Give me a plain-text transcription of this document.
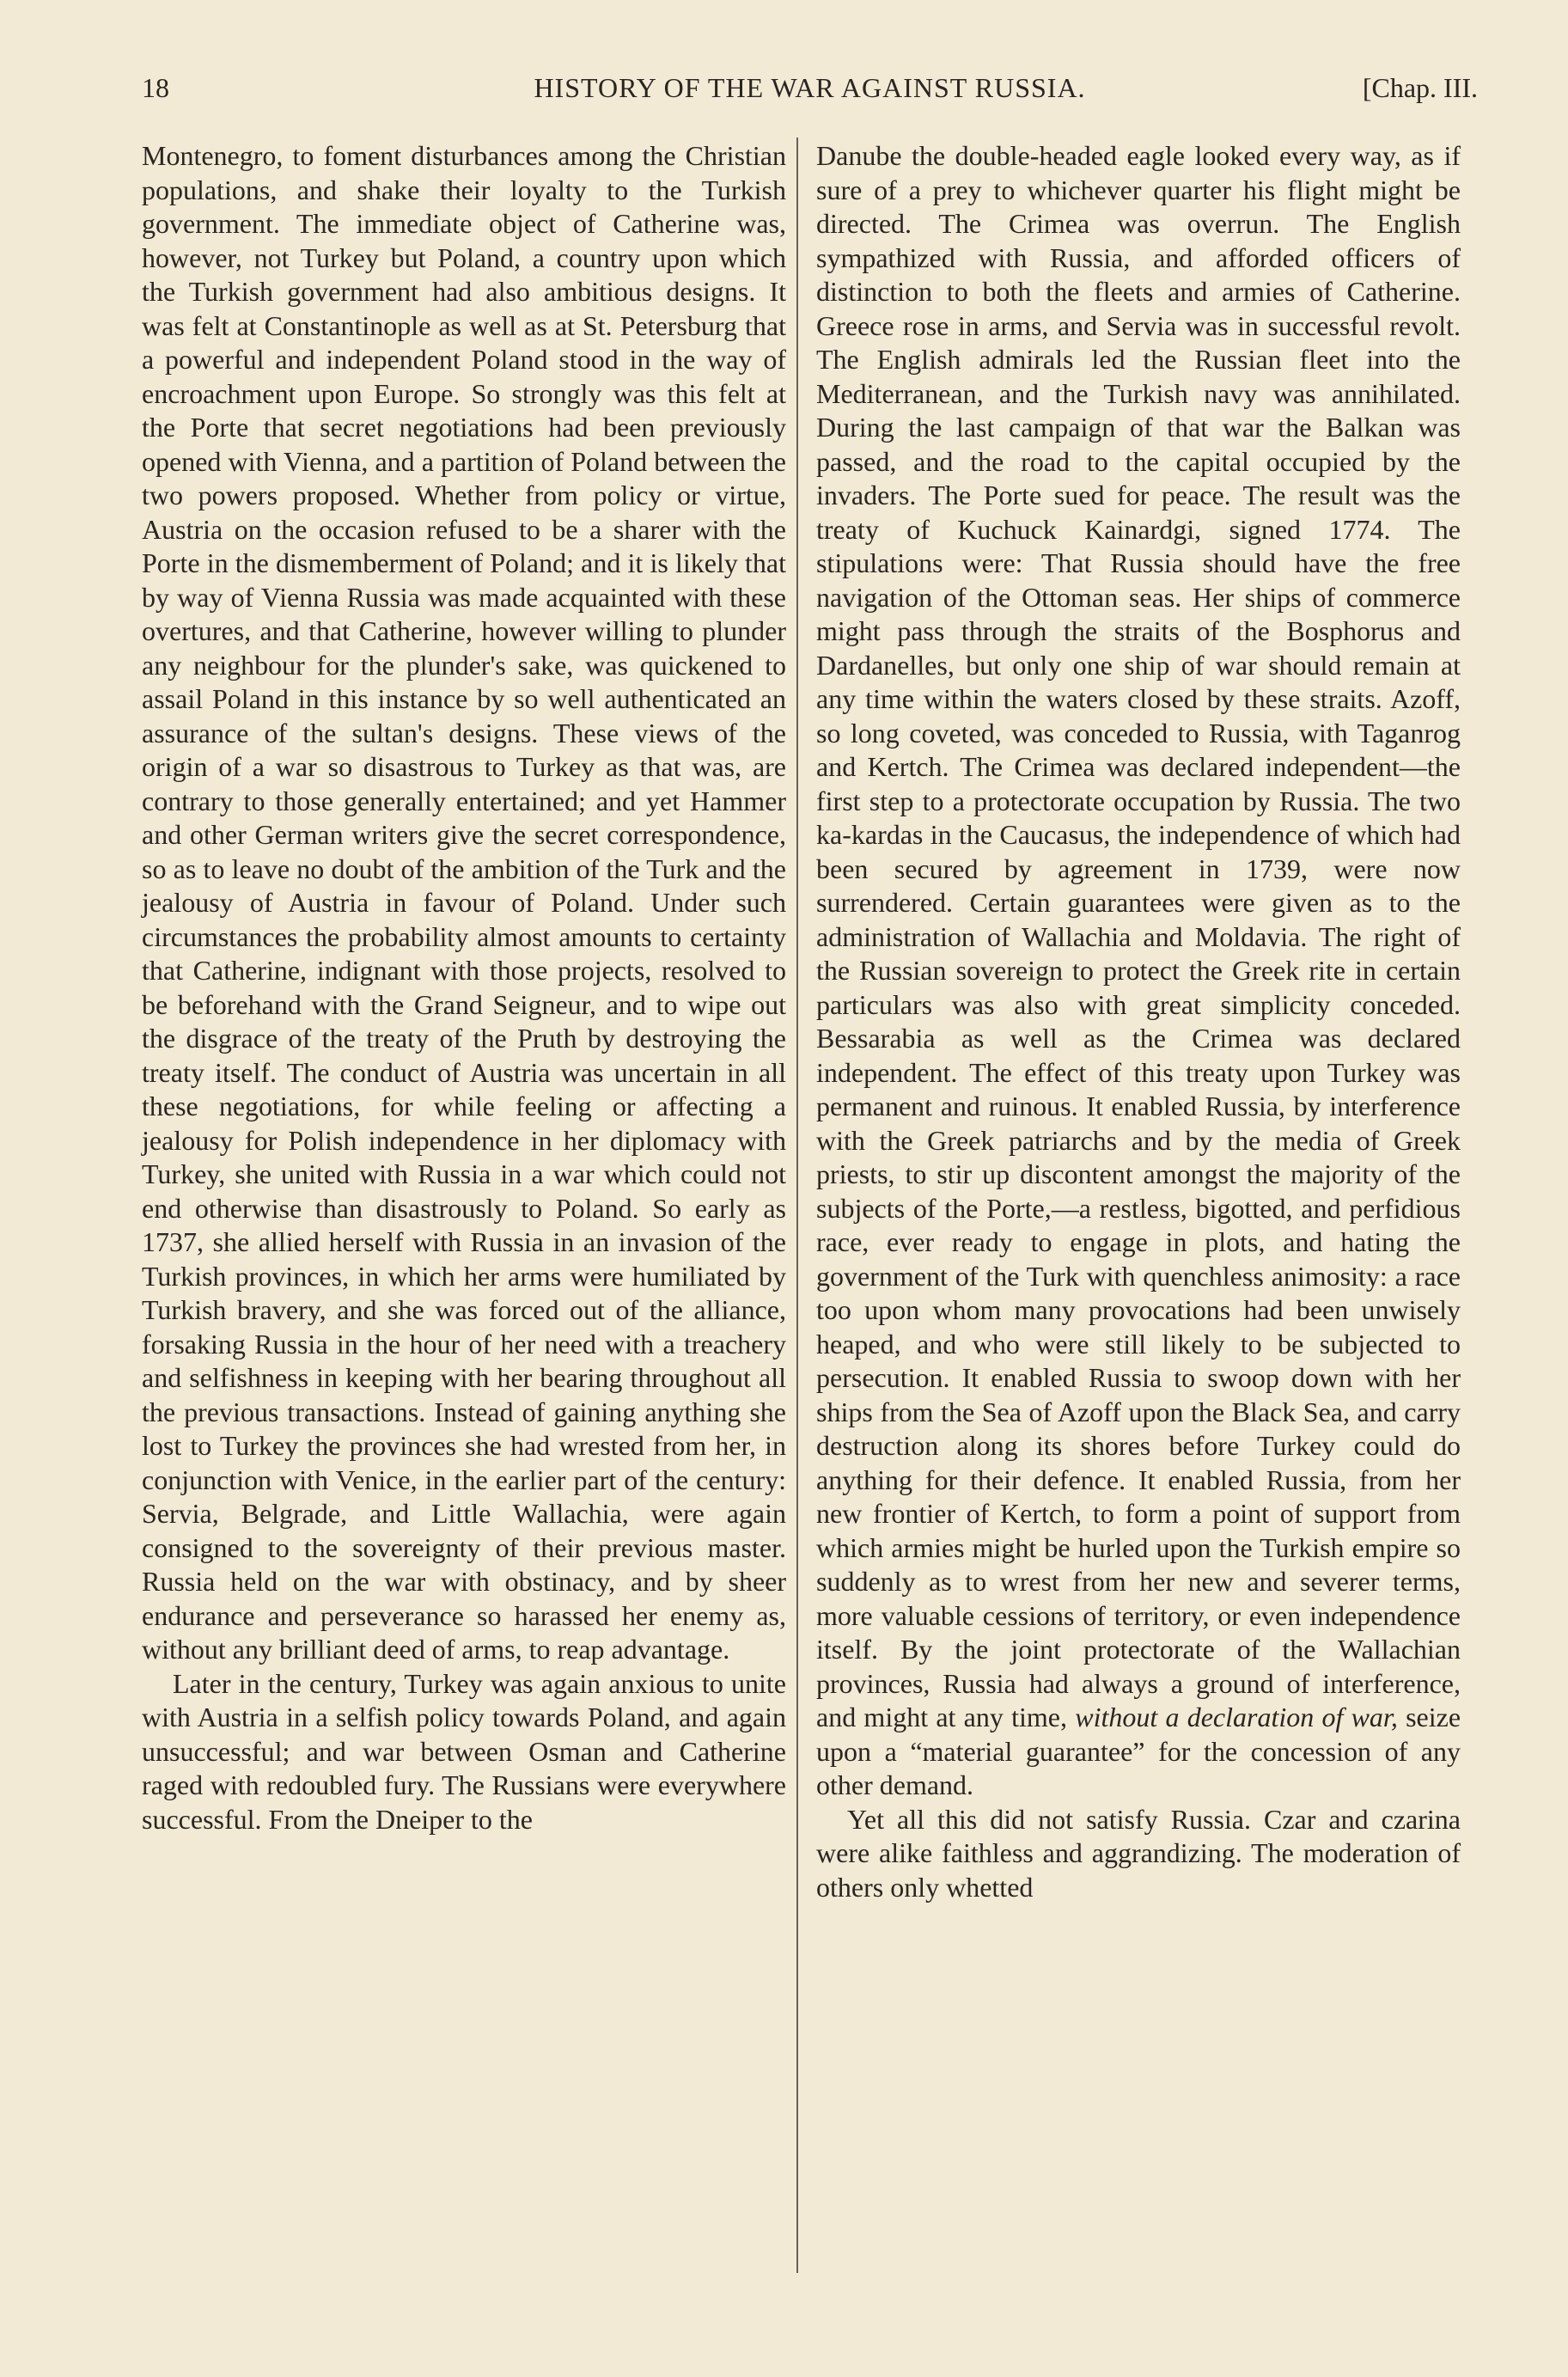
18	HISTORY OF THE WAR AGAINST RUSSIA.	[Chap. III.

Montenegro, to foment disturbances among the Christian populations, and shake their loyalty to the Turkish government. The immediate object of Catherine was, however, not Turkey but Poland, a country upon which the Turkish government had also ambitious designs. It was felt at Constantinople as well as at St. Petersburg that a powerful and independent Poland stood in the way of encroachment upon Europe. So strongly was this felt at the Porte that secret negotiations had been previously opened with Vienna, and a partition of Poland between the two powers proposed. Whether from policy or virtue, Austria on the occasion refused to be a sharer with the Porte in the dismemberment of Poland; and it is likely that by way of Vienna Russia was made acquainted with these overtures, and that Catherine, however willing to plunder any neighbour for the plunder's sake, was quickened to assail Poland in this instance by so well authenticated an assurance of the sultan's designs. These views of the origin of a war so disastrous to Turkey as that was, are contrary to those generally entertained; and yet Hammer and other German writers give the secret correspondence, so as to leave no doubt of the ambition of the Turk and the jealousy of Austria in favour of Poland. Under such circumstances the probability almost amounts to certainty that Catherine, indignant with those projects, resolved to be beforehand with the Grand Seigneur, and to wipe out the disgrace of the treaty of the Pruth by destroying the treaty itself. The conduct of Austria was uncertain in all these negotiations, for while feeling or affecting a jealousy for Polish independence in her diplomacy with Turkey, she united with Russia in a war which could not end otherwise than disastrously to Poland. So early as 1737, she allied herself with Russia in an invasion of the Turkish provinces, in which her arms were humiliated by Turkish bravery, and she was forced out of the alliance, forsaking Russia in the hour of her need with a treachery and selfishness in keeping with her bearing throughout all the previous transactions. Instead of gaining anything she lost to Turkey the provinces she had wrested from her, in conjunction with Venice, in the earlier part of the century: Servia, Belgrade, and Little Wallachia, were again consigned to the sovereignty of their previous master. Russia held on the war with obstinacy, and by sheer endurance and perseverance so harassed her enemy as, without any brilliant deed of arms, to reap advantage.

Later in the century, Turkey was again anxious to unite with Austria in a selfish policy towards Poland, and again unsuccessful; and war between Osman and Catherine raged with redoubled fury. The Russians were everywhere successful. From the Dneiper to the

Danube the double-headed eagle looked every way, as if sure of a prey to whichever quarter his flight might be directed. The Crimea was overrun. The English sympathized with Russia, and afforded officers of distinction to both the fleets and armies of Catherine. Greece rose in arms, and Servia was in successful revolt. The English admirals led the Russian fleet into the Mediterranean, and the Turkish navy was annihilated. During the last campaign of that war the Balkan was passed, and the road to the capital occupied by the invaders. The Porte sued for peace. The result was the treaty of Kuchuck Kainardgi, signed 1774. The stipulations were: That Russia should have the free navigation of the Ottoman seas. Her ships of commerce might pass through the straits of the Bosphorus and Dardanelles, but only one ship of war should remain at any time within the waters closed by these straits. Azoff, so long coveted, was conceded to Russia, with Taganrog and Kertch. The Crimea was declared independent—the first step to a protectorate occupation by Russia. The two ka-kardas in the Caucasus, the independence of which had been secured by agreement in 1739, were now surrendered. Certain guarantees were given as to the administration of Wallachia and Moldavia. The right of the Russian sovereign to protect the Greek rite in certain particulars was also with great simplicity conceded. Bessarabia as well as the Crimea was declared independent. The effect of this treaty upon Turkey was permanent and ruinous. It enabled Russia, by interference with the Greek patriarchs and by the media of Greek priests, to stir up discontent amongst the majority of the subjects of the Porte,—a restless, bigotted, and perfidious race, ever ready to engage in plots, and hating the government of the Turk with quenchless animosity: a race too upon whom many provocations had been unwisely heaped, and who were still likely to be subjected to persecution. It enabled Russia to swoop down with her ships from the Sea of Azoff upon the Black Sea, and carry destruction along its shores before Turkey could do anything for their defence. It enabled Russia, from her new frontier of Kertch, to form a point of support from which armies might be hurled upon the Turkish empire so suddenly as to wrest from her new and severer terms, more valuable cessions of territory, or even independence itself. By the joint protectorate of the Wallachian provinces, Russia had always a ground of interference, and might at any time, without a declaration of war, seize upon a “material guarantee” for the concession of any other demand.

Yet all this did not satisfy Russia. Czar and czarina were alike faithless and aggrandizing. The moderation of others only whetted
